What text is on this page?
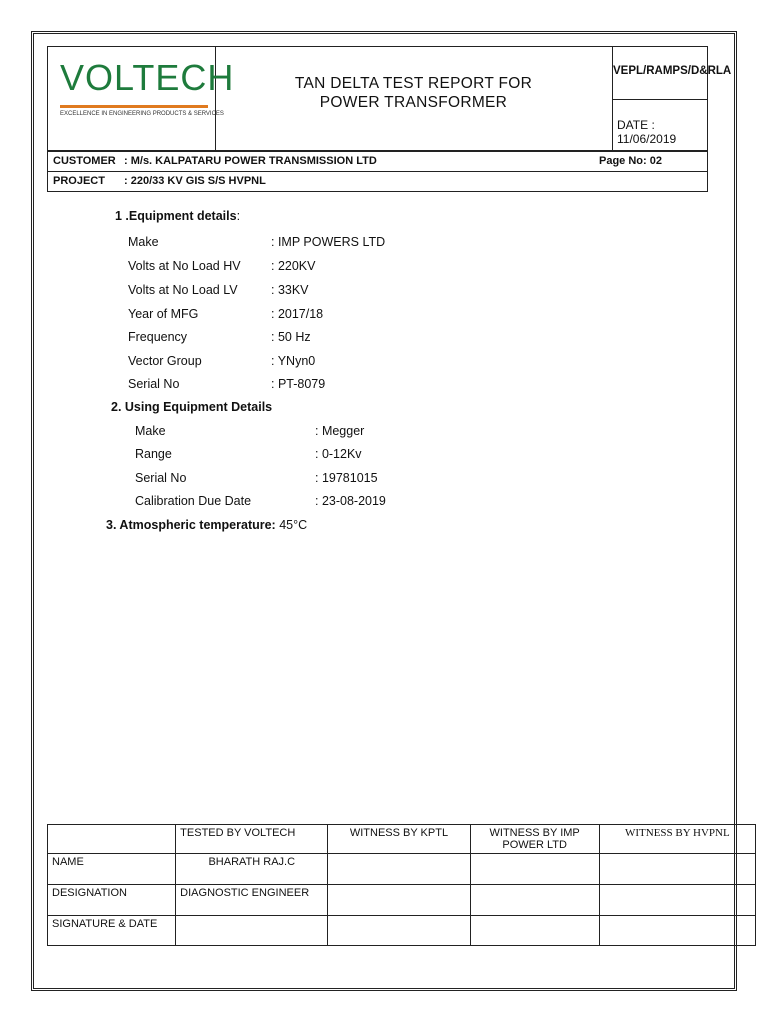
VOLTECH
EXCELLENCE IN ENGINEERING PRODUCTS & SERVICES
TAN DELTA TEST REPORT FOR
POWER TRANSFORMER
VEPL/RAMPS/D&RLA
DATE : 11/06/2019
CUSTOMER : M/s. KALPATARU POWER TRANSMISSION LTD	Page No: 02
PROJECT : 220/33 KV GIS S/S HVPNL
1 .Equipment details:
Make	: IMP POWERS LTD
Volts at No Load HV : 220KV
Volts at No Load LV	: 33KV
Year of MFG	: 2017/18
Frequency	: 50 Hz
Vector Group	: YNyn0
Serial No	: PT-8079
2. Using Equipment Details
Make	: Megger
Range	: 0-12Kv
Serial No	: 19781015
Calibration Due Date	: 23-08-2019
3. Atmospheric temperature: 45°C
	TESTED BY VOLTECH	WITNESS BY KPTL	WITNESS BY IMP POWER LTD	WITNESS BY HVPNL
NAME	BHARATH RAJ.C			
DESIGNATION	DIAGNOSTIC ENGINEER			
SIGNATURE & DATE				
